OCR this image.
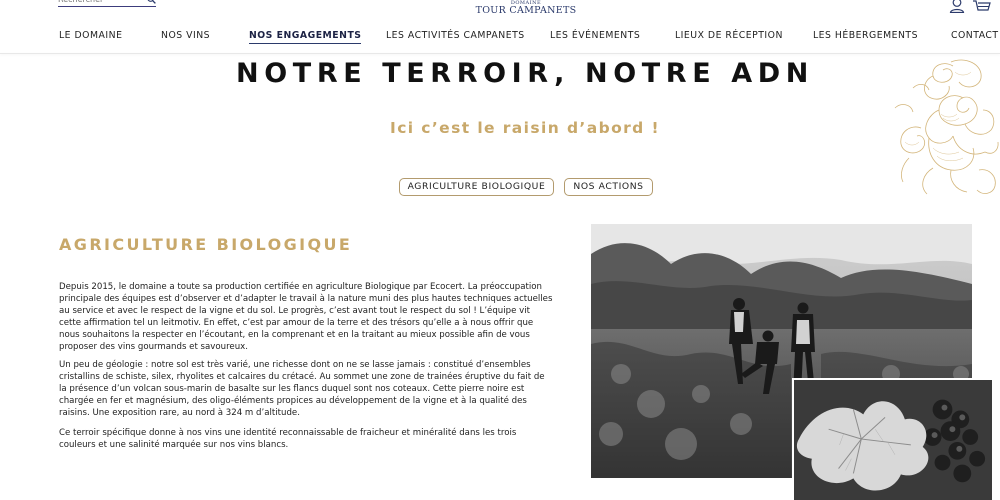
Rechercher
DOMAINE
TOUR CAMPANETS
LE DOMAINE	NOS VINS	NOS ENGAGEMENTS	LES ACTIVITÉS CAMPANETS	LES ÉVÉNEMENTS	LIEUX DE RÉCEPTION	LES HÉBERGEMENTS	CONTACT
NOTRE TERROIR, NOTRE ADN
Ici c’est le raisin d’abord !
AGRICULTURE BIOLOGIQUE	NOS ACTIONS
AGRICULTURE BIOLOGIQUE

Depuis 2015, le domaine a toute sa production certifiée en agriculture Biologique par Ecocert. La préoccupation principale des équipes est d’observer et d’adapter le travail à la nature muni des plus hautes techniques actuelles au service et avec le respect de la vigne et du sol. Le progrès, c’est avant tout le respect du sol ! L’équipe vit cette affirmation tel un leitmotiv. En effet, c’est par amour de la terre et des trésors qu’elle a à nous offrir que nous souhaitons la respecter en l’écoutant, en la comprenant et en la traitant au mieux possible afin de vous proposer des vins gourmands et savoureux.

Un peu de géologie : notre sol est très varié, une richesse dont on ne se lasse jamais : constitué d’ensembles cristallins de schiste, silex, rhyolites et calcaires du crétacé. Au sommet une zone de trainées éruptive du fait de la présence d’un volcan sous-marin de basalte sur les flancs duquel sont nos coteaux. Cette pierre noire est chargée en fer et magnésium, des oligo-éléments propices au développement de la vigne et à la qualité des raisins. Une exposition rare, au nord à 324 m d’altitude.

Ce terroir spécifique donne à nos vins une identité reconnaissable de fraicheur et minéralité dans les trois couleurs et une salinité marquée sur nos vins blancs.
